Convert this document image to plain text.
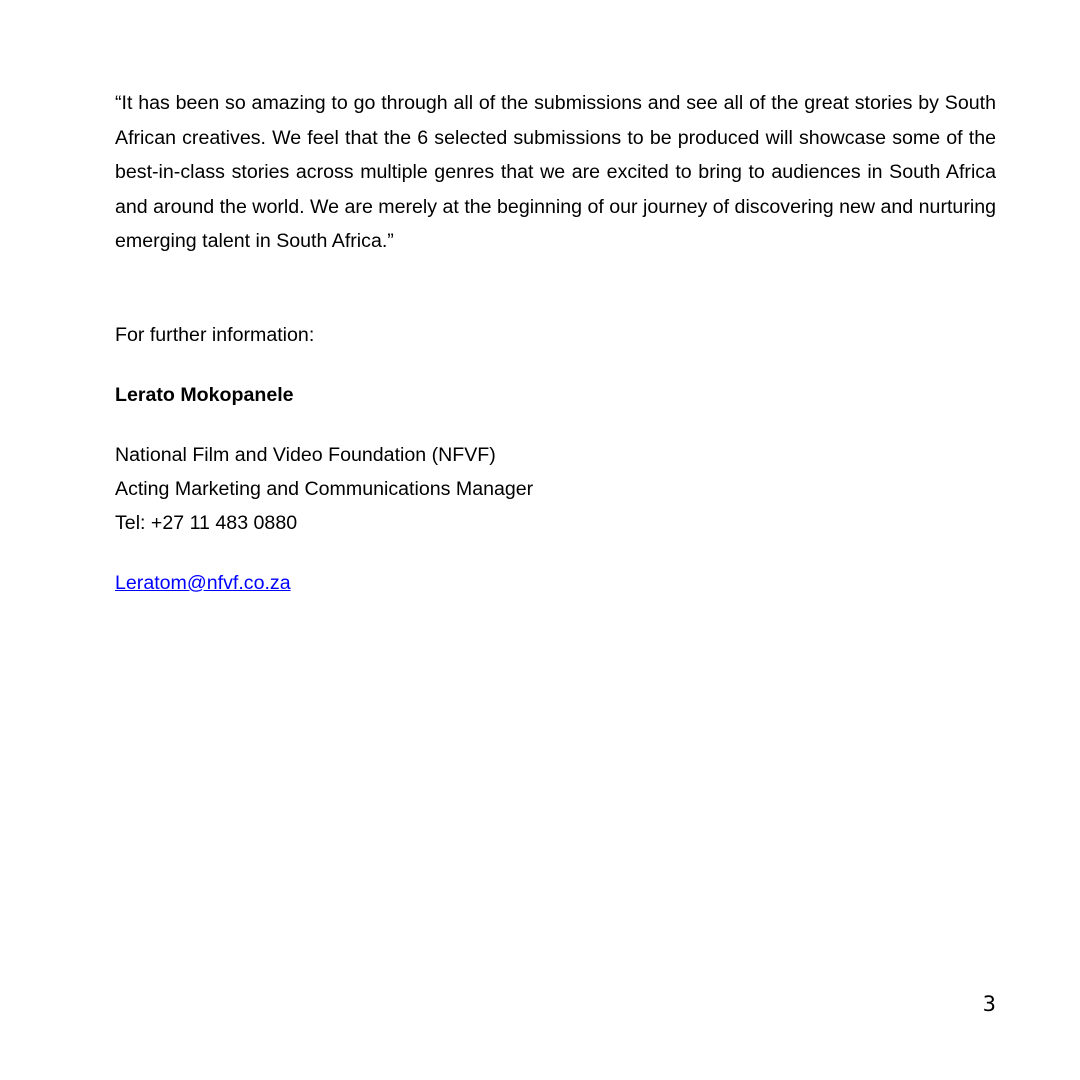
“It has been so amazing to go through all of the submissions and see all of the great stories by South African creatives. We feel that the 6 selected submissions to be produced will showcase some of the best-in-class stories across multiple genres that we are excited to bring to audiences in South Africa and around the world. We are merely at the beginning of our journey of discovering new and nurturing emerging talent in South Africa.”

For further information:
Lerato Mokopanele
National Film and Video Foundation (NFVF)
Acting Marketing and Communications Manager
Tel: +27 11 483 0880
Leratom@nfvf.co.za
3
